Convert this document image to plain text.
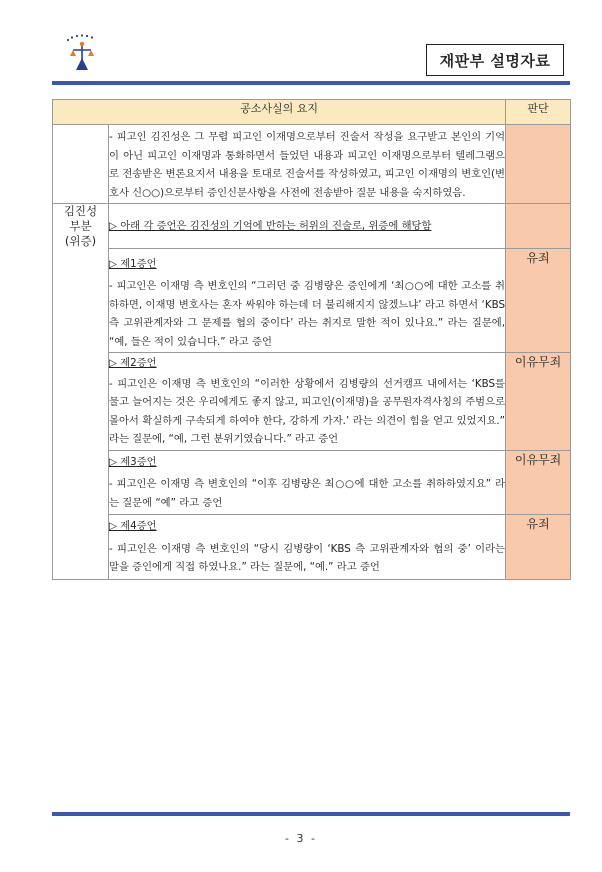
재판부 설명자료
공소사실의 요지		판단
	- 피고인 김진성은 그 무렵 피고인 이재명으로부터 진술서 작성을 요구받고 본인의 기억이 아닌 피고인 이재명과 통화하면서 들었던 내용과 피고인 이재명으로부터 텔레그램으로 전송받은 변론요지서 내용을 토대로 진술서를 작성하였고, 피고인 이재명의 변호인(변호사 신○○)으로부터 증인신문사항을 사전에 전송받아 질문 내용을 숙지하였음.	

김진성
부분
(위증)	▷ 아래 각 증언은 김진성의 기억에 반하는 허위의 진술로, 위증에 해당함	

	▷ 제1증언
- 피고인은 이재명 측 변호인의 “그러던 중 김병량은 증인에게 ‘최○○에 대한 고소를 취하하면, 이재명 변호사는 혼자 싸워야 하는데 더 불리해지지 않겠느냐’ 라고 하면서 ‘KBS 측 고위관계자와 그 문제를 협의 중이다’ 라는 취지로 말한 적이 있나요.” 라는 질문에, “예, 들은 적이 있습니다.” 라고 증언	유죄

	▷ 제2증언
- 피고인은 이재명 측 변호인의 “이러한 상황에서 김병량의 선거캠프 내에서는 ‘KBS를 물고 늘어지는 것은 우리에게도 좋지 않고, 피고인(이재명)을 공무원자격사칭의 주범으로 몰아서 확실하게 구속되게 하여야 한다, 강하게 가자.’ 라는 의견이 힘을 얻고 있었지요.” 라는 질문에, “예, 그런 분위기였습니다.” 라고 증언	이유무죄

	▷ 제3증언
- 피고인은 이재명 측 변호인의 “이후 김병량은 최○○에 대한 고소를 취하하였지요” 라는 질문에 “예” 라고 증언	이유무죄

	▷ 제4증언
- 피고인은 이재명 측 변호인의 “당시 김병량이 ‘KBS 측 고위관계자와 협의 중’ 이라는 말을 증인에게 직접 하였나요.” 라는 질문에, “예.” 라고 증언	유죄
- 3 -
